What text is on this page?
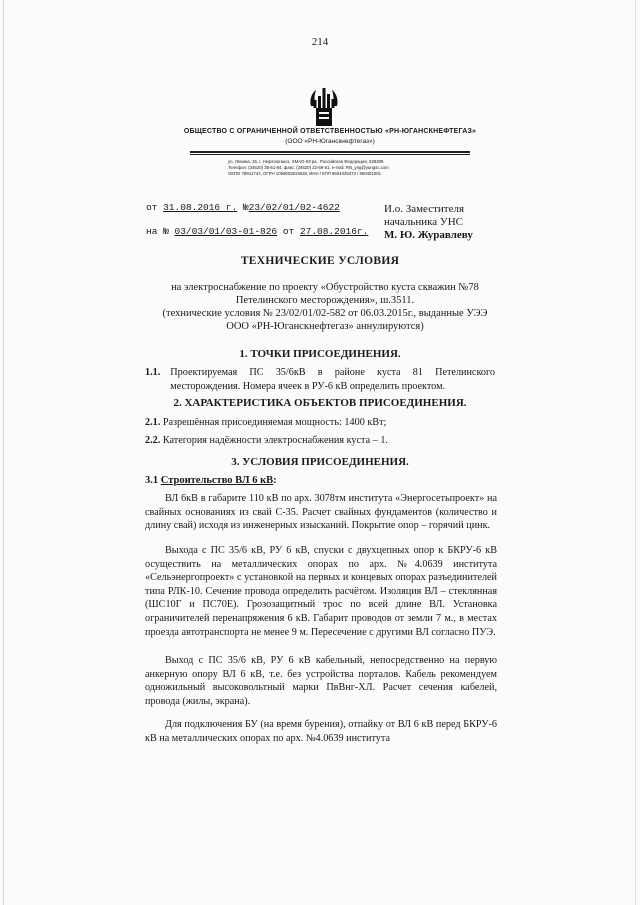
214
ОБЩЕСТВО С ОГРАНИЧЕННОЙ ОТВЕТСТВЕННОСТЬЮ «РН-ЮГАНСКНЕФТЕГАЗ»
(ООО «РН-Юганскнефтегаз»)
ул. Ленина, 26, г. Нефтеюганск, ХМАО-Югра , Российская Федерация, 628309
Телефон: (34620) 35-51-84, факс: (34620) 22-69-51, e-mail: RN_yng@yungsc.com
ОКПО 78941742, ОГРН 1058602819538, ИНН / КПП 8604035473 / 860401001
от 31.08.2016 г. №23/02/01/02-4622
на № 03/03/01/03-01-826 от 27.08.2016г.
И.о. Заместителя
начальника УНС
М. Ю. Журавлеву
ТЕХНИЧЕСКИЕ УСЛОВИЯ
на электроснабжение по проекту «Обустройство куста скважин №78
Петелинского месторождения», ш.3511.
(технические условия № 23/02/01/02-582 от 06.03.2015г., выданные УЭЭ
ООО «РН-Юганскнефтегаз» аннулируются)
1. ТОЧКИ ПРИСОЕДИНЕНИЯ.
1.1. Проектируемая ПС 35/6кВ в районе куста 81 Петелинского месторождения. Номера ячеек в РУ-6 кВ определить проектом.
2. ХАРАКТЕРИСТИКА ОБЪЕКТОВ ПРИСОЕДИНЕНИЯ.
2.1. Разрешённая присоединяемая мощность: 1400 кВт;
2.2. Категория надёжности электроснабжения куста – 1.
3. УСЛОВИЯ ПРИСОЕДИНЕНИЯ.
3.1 Строительство ВЛ 6 кВ:
ВЛ 6кВ в габарите 110 кВ по арх. 3078тм института «Энергосетьпроект» на свайных основаниях из свай С-35. Расчет свайных фундаментов (количество и длину свай) исходя из инженерных изысканий. Покрытие опор – горячий цинк.
Выхода с ПС 35/6 кВ, РУ 6 кВ, спуски с двухцепных опор к БКРУ-6 кВ осуществить на металлических опорах по арх. №4.0639 института «Сельэнергопроект» с установкой на первых и концевых опорах разъединителей типа РЛК-10. Сечение провода определить расчётом. Изоляция ВЛ – стеклянная (ШС10Г и ПС70Е). Грозозащитный трос по всей длине ВЛ. Установка ограничителей перенапряжения 6 кВ. Габарит проводов от земли 7 м., в местах проезда автотранспорта не менее 9 м. Пересечение с другими ВЛ согласно ПУЭ.
Выход с ПС 35/6 кВ, РУ 6 кВ кабельный, непосредственно на первую анкерную опору ВЛ 6 кВ, т.е. без устройства порталов. Кабель рекомендуем одножильный высоковольтный марки ПвВнг-ХЛ. Расчет сечения кабелей, провода (жилы, экрана).
Для подключения БУ (на время бурения), отпайку от ВЛ 6 кВ перед БКРУ-6 кВ на металлических опорах по арх. №4.0639 института
